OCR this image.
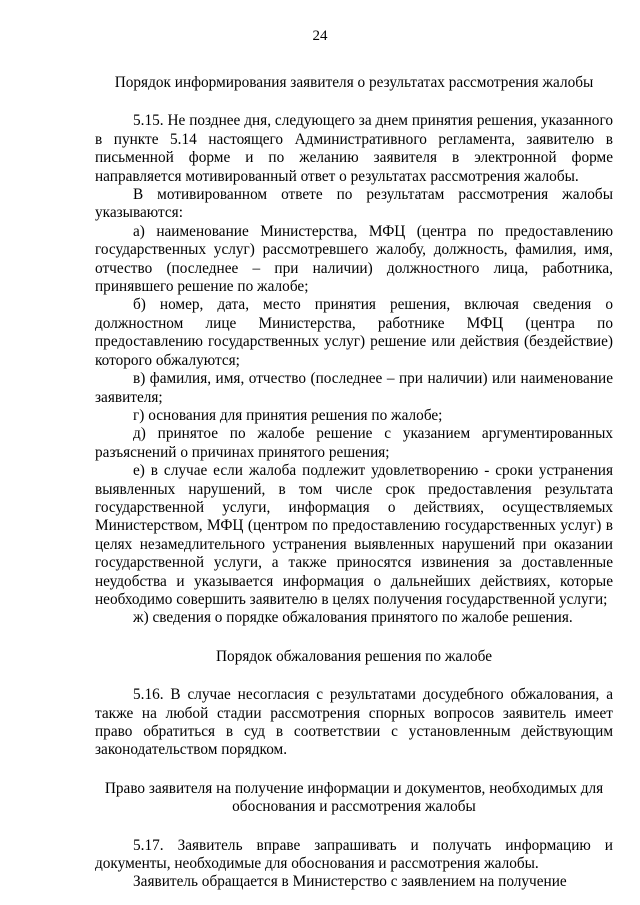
24

Порядок информирования заявителя о результатах рассмотрения жалобы

5.15. Не позднее дня, следующего за днем принятия решения, указанного в пункте 5.14 настоящего Административного регламента, заявителю в письменной форме и по желанию заявителя в электронной форме направляется мотивированный ответ о результатах рассмотрения жалобы.

В мотивированном ответе по результатам рассмотрения жалобы указываются:

а) наименование Министерства, МФЦ (центра по предоставлению государственных услуг) рассмотревшего жалобу, должность, фамилия, имя, отчество (последнее – при наличии) должностного лица, работника, принявшего решение по жалобе;

б) номер, дата, место принятия решения, включая сведения о должностном лице Министерства, работнике МФЦ (центра по предоставлению государственных услуг) решение или действия (бездействие) которого обжалуются;

в) фамилия, имя, отчество (последнее – при наличии) или наименование заявителя;

г) основания для принятия решения по жалобе;

д) принятое по жалобе решение с указанием аргументированных разъяснений о причинах принятого решения;

е) в случае если жалоба подлежит удовлетворению - сроки устранения выявленных нарушений, в том числе срок предоставления результата государственной услуги, информация о действиях, осуществляемых Министерством, МФЦ (центром по предоставлению государственных услуг) в целях незамедлительного устранения выявленных нарушений при оказании государственной услуги, а также приносятся извинения за доставленные неудобства и указывается информация о дальнейших действиях, которые необходимо совершить заявителю в целях получения государственной услуги;

ж) сведения о порядке обжалования принятого по жалобе решения.

Порядок обжалования решения по жалобе

5.16. В случае несогласия с результатами досудебного обжалования, а также на любой стадии рассмотрения спорных вопросов заявитель имеет право обратиться в суд в соответствии с установленным действующим законодательством порядком.

Право заявителя на получение информации и документов, необходимых для обоснования и рассмотрения жалобы

5.17. Заявитель вправе запрашивать и получать информацию и документы, необходимые для обоснования и рассмотрения жалобы.

Заявитель обращается в Министерство с заявлением на получение
